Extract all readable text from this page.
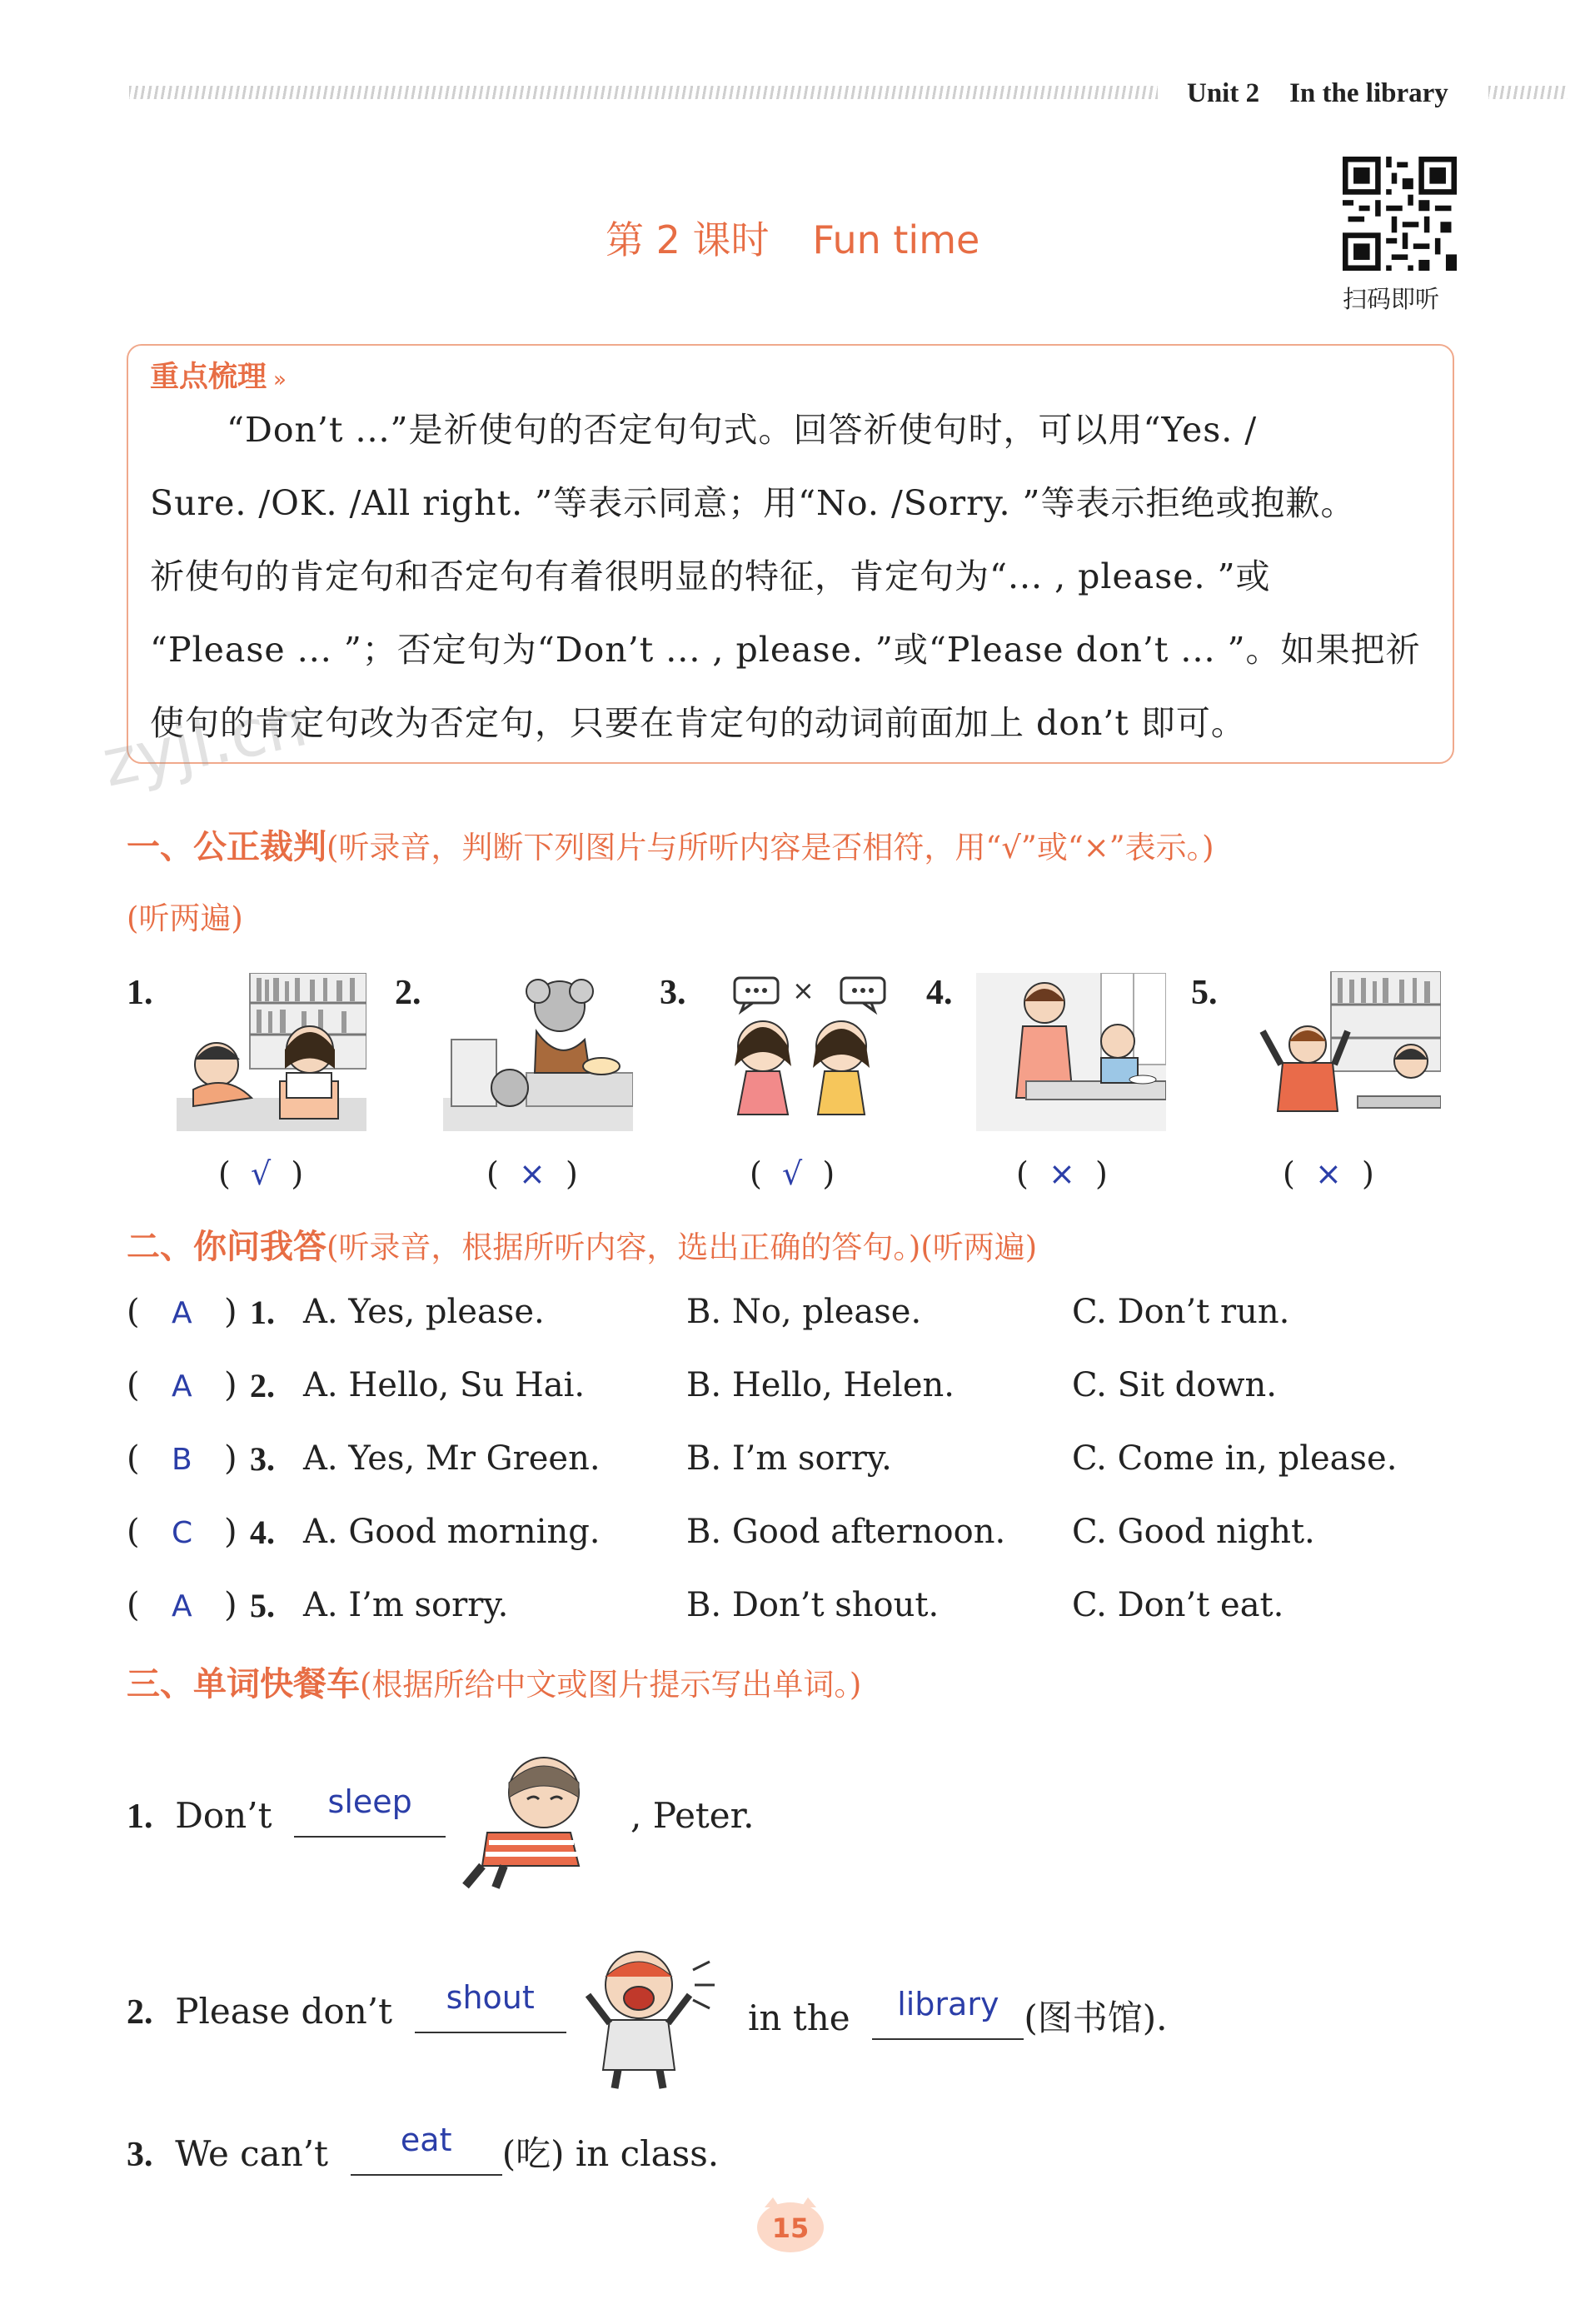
Unit 2 In the library
第 2 课时 Fun time
扫码即听
重点梳理 »
“Don’t ...”是祈使句的否定句句式。回答祈使句时，可以用“Yes. /
Sure. /OK. /All right. ”等表示同意；用“No. /Sorry. ”等表示拒绝或抱歉。
祈使句的肯定句和否定句有着很明显的特征，肯定句为“... , please. ”或
“Please ... ”；否定句为“Don’t ... , please. ”或“Please don’t ... ”。如果把祈
使句的肯定句改为否定句，只要在肯定句的动词前面加上 don’t 即可。
zyjl.cn
一、公正裁判(听录音，判断下列图片与所听内容是否相符，用“√”或“×”表示。)
(听两遍)
1.
(  √  )
2.
(  ×  )
3.	×
(  √  )
4.
(  ×  )
5.
(  ×  )
二、你问我答(听录音，根据所听内容，选出正确的答句。)(听两遍)
( A ) 1. A. Yes, please.	B. No, please.	C. Don’t run.
( A ) 2. A. Hello, Su Hai.	B. Hello, Helen.	C. Sit down.
( B ) 3. A. Yes, Mr Green.	B. I’m sorry.	C. Come in, please.
( C ) 4. A. Good morning.	B. Good afternoon. C. Good night.
( A ) 5. A. I’m sorry.	B. Don’t shout.	C. Don’t eat.
三、单词快餐车(根据所给中文或图片提示写出单词。)
1. Don’t	sleep
	, Peter.
2. Please don’t	shout
	in the	library (图书馆).
3. We can’t	eat	(吃) in class.
15
